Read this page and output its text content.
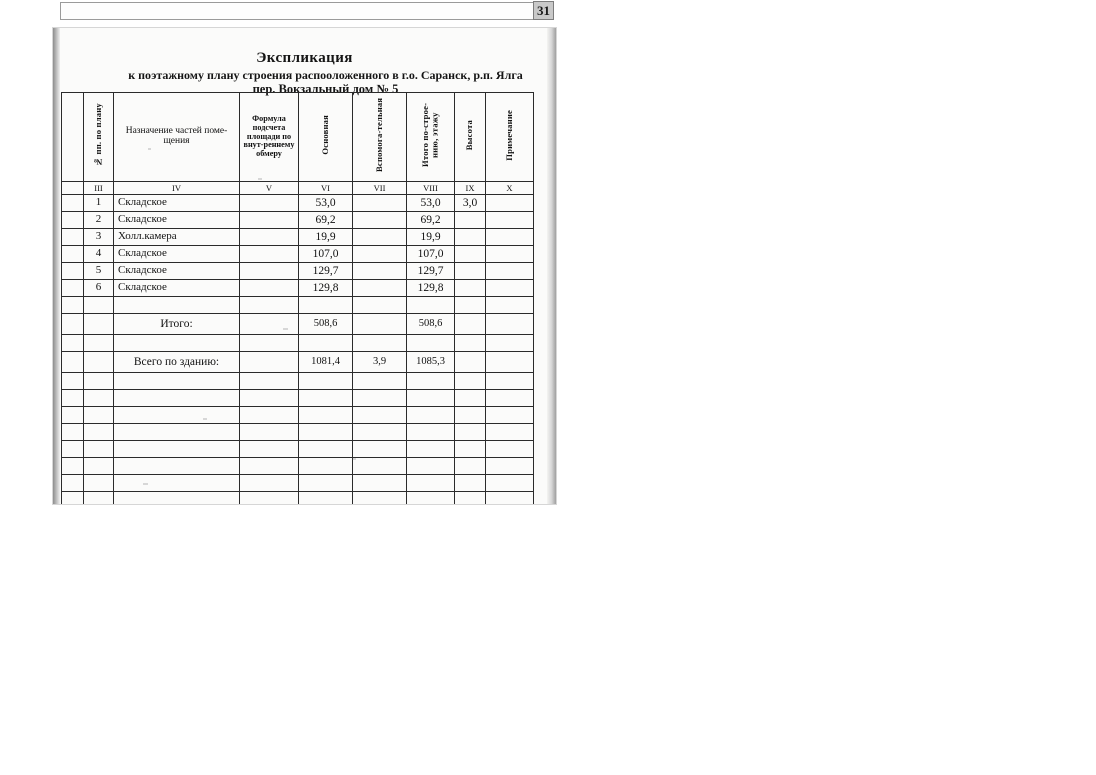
31
Экспликация
к поэтажному плану строения распооложенного в г.о. Саранск, р.п. Ялга
пер. Вокзальный дом № 5
	№ пп. по плану	Назначение частей поме-щения	Формула подсчета площади по внут-реннему обмеру	Основная	Вспомога-тельная	Итого по-строе-нию, этажу	Высота	Примечание
	III	IV	V	VI	VII	VIII	IX	X
	1	Складское		53,0		53,0	3,0	
	2	Складское		69,2		69,2		
	3	Холл.камера		19,9		19,9		
	4	Складское		107,0		107,0		
	5	Складское		129,7		129,7		
	6	Складское		129,8		129,8		

		Итого:		508,6		508,6		

		Всего по зданию:		1081,4	3,9	1085,3		
